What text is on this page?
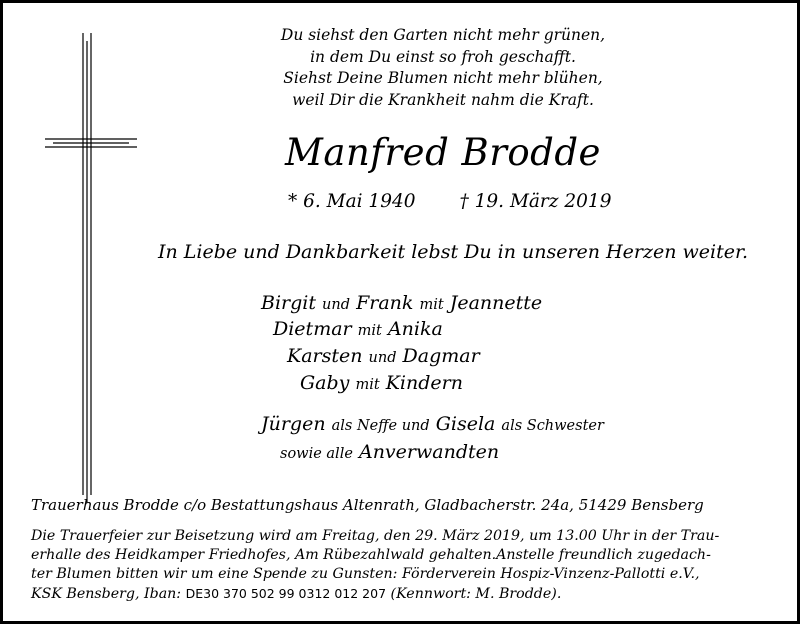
Du siehst den Garten nicht mehr grünen,
in dem Du einst so froh geschafft.
Siehst Deine Blumen nicht mehr blühen,
weil Dir die Krankheit nahm die Kraft.
Manfred Brodde
* 6. Mai 1940 † 19. März 2019
In Liebe und Dankbarkeit lebst Du in unseren Herzen weiter.
Birgit und Frank mit Jeannette
Dietmar mit Anika
Karsten und Dagmar
Gaby mit Kindern
Jürgen als Neffe und Gisela als Schwester
sowie alle Anverwandten
Trauerhaus Brodde c/o Bestattungshaus Altenrath, Gladbacherstr. 24a, 51429 Bensberg
Die Trauerfeier zur Beisetzung wird am Freitag, den 29. März 2019, um 13.00 Uhr in der Trau-
erhalle des Heidkamper Friedhofes, Am Rübezahlwald gehalten.Anstelle freundlich zugedach-
ter Blumen bitten wir um eine Spende zu Gunsten: Förderverein Hospiz-Vinzenz-Pallotti e.V.,
KSK Bensberg, Iban: DE30 370 502 99 0312 012 207 (Kennwort: M. Brodde).
